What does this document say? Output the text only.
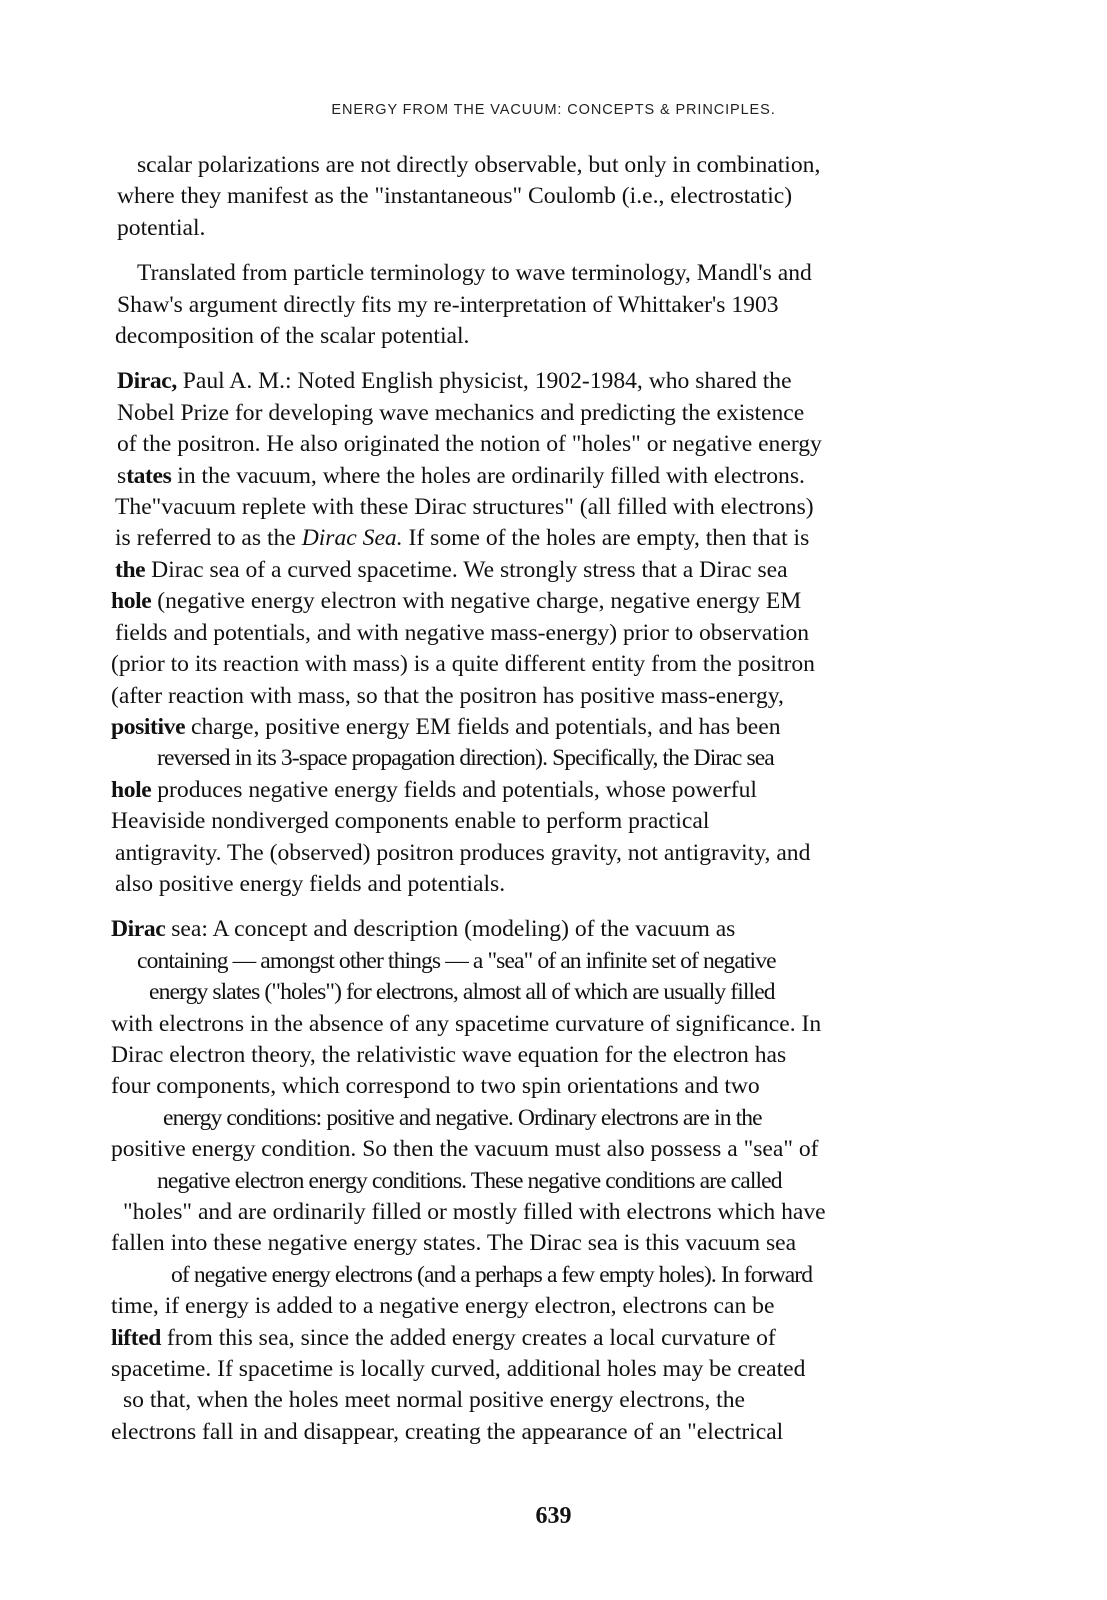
ENERGY FROM THE VACUUM: CONCEPTS & PRINCIPLES.

scalar polarizations are not directly observable, but only in combination,
where they manifest as the "instantaneous" Coulomb (i.e., electrostatic)
potential.

Translated from particle terminology to wave terminology, Mandl's and
Shaw's argument directly fits my re-interpretation of Whittaker's 1903
decomposition of the scalar potential.

Dirac, Paul A. M.: Noted English physicist, 1902-1984, who shared the
Nobel Prize for developing wave mechanics and predicting the existence
of the positron. He also originated the notion of "holes" or negative energy
states in the vacuum, where the holes are ordinarily filled with electrons.
The"vacuum replete with these Dirac structures" (all filled with electrons)
is referred to as the Dirac Sea. If some of the holes are empty, then that is
the Dirac sea of a curved spacetime. We strongly stress that a Dirac sea
hole (negative energy electron with negative charge, negative energy EM
fields and potentials, and with negative mass-energy) prior to observation
(prior to its reaction with mass) is a quite different entity from the positron
(after reaction with mass, so that the positron has positive mass-energy,
positive charge, positive energy EM fields and potentials, and has been
reversed in its 3-space propagation direction). Specifically, the Dirac sea
hole produces negative energy fields and potentials, whose powerful
Heaviside nondiverged components enable to perform practical
antigravity. The (observed) positron produces gravity, not antigravity, and
also positive energy fields and potentials.

Dirac sea: A concept and description (modeling) of the vacuum as
containing — amongst other things — a "sea" of an infinite set of negative
energy slates ("holes") for electrons, almost all of which are usually filled
with electrons in the absence of any spacetime curvature of significance. In
Dirac electron theory, the relativistic wave equation for the electron has
four components, which correspond to two spin orientations and two
energy conditions: positive and negative. Ordinary electrons are in the
positive energy condition. So then the vacuum must also possess a "sea" of
negative electron energy conditions. These negative conditions are called
"holes" and are ordinarily filled or mostly filled with electrons which have
fallen into these negative energy states. The Dirac sea is this vacuum sea
of negative energy electrons (and a perhaps a few empty holes). In forward
time, if energy is added to a negative energy electron, electrons can be
lifted from this sea, since the added energy creates a local curvature of
spacetime. If spacetime is locally curved, additional holes may be created
so that, when the holes meet normal positive energy electrons, the
electrons fall in and disappear, creating the appearance of an "electrical

639
